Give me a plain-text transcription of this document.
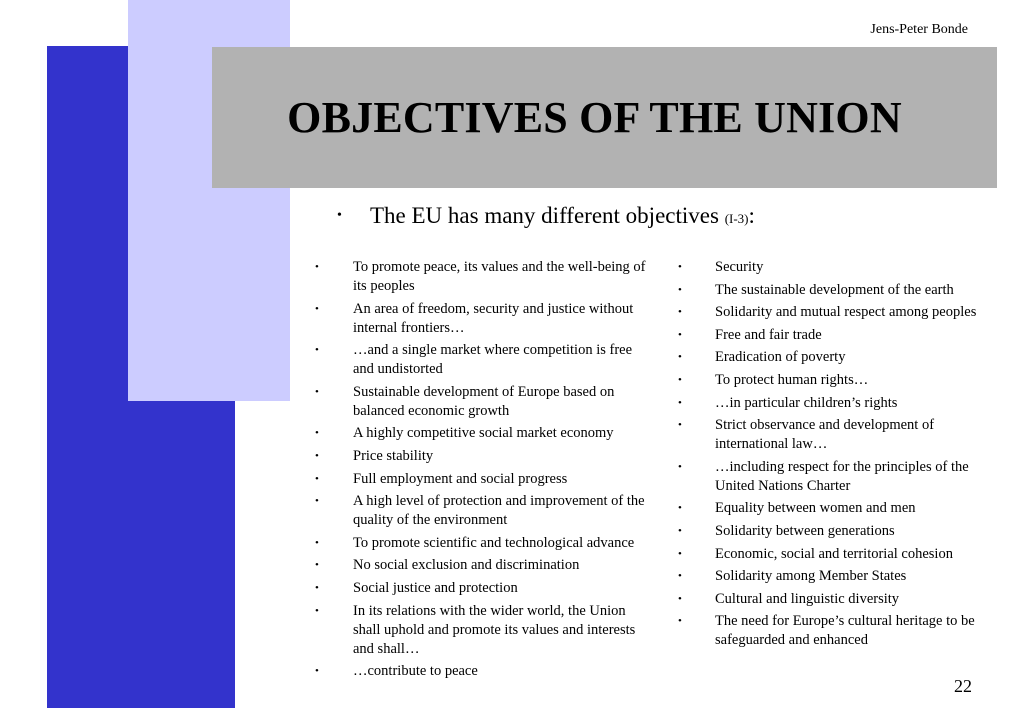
Jens-Peter Bonde
OBJECTIVES OF THE UNION
•	The EU has many different objectives (I-3):
•	To promote peace, its values and the well-being of its peoples
•	An area of freedom, security and justice without internal frontiers…
•	…and a single market where competition is free and undistorted
•	Sustainable development of Europe based on balanced economic growth
•	A highly competitive social market economy
•	Price stability
•	Full employment and social progress
•	A high level of protection and improvement of the quality of the environment
•	To promote scientific and technological advance
•	No social exclusion and discrimination
•	Social justice and protection
•	In its relations with the wider world, the Union shall uphold and promote its values and interests and shall…
•	…contribute to peace
•	Security
•	The sustainable development of the earth
•	Solidarity and mutual respect among peoples
•	Free and fair trade
•	Eradication of poverty
•	To protect human rights…
•	…in particular children’s rights
•	Strict observance and development of international law…
•	…including respect for the principles of the United Nations Charter
•	Equality between women and men
•	Solidarity between generations
•	Economic, social and territorial cohesion
•	Solidarity among Member States
•	Cultural and linguistic diversity
•	The need for Europe’s cultural heritage to be safeguarded and enhanced
22
